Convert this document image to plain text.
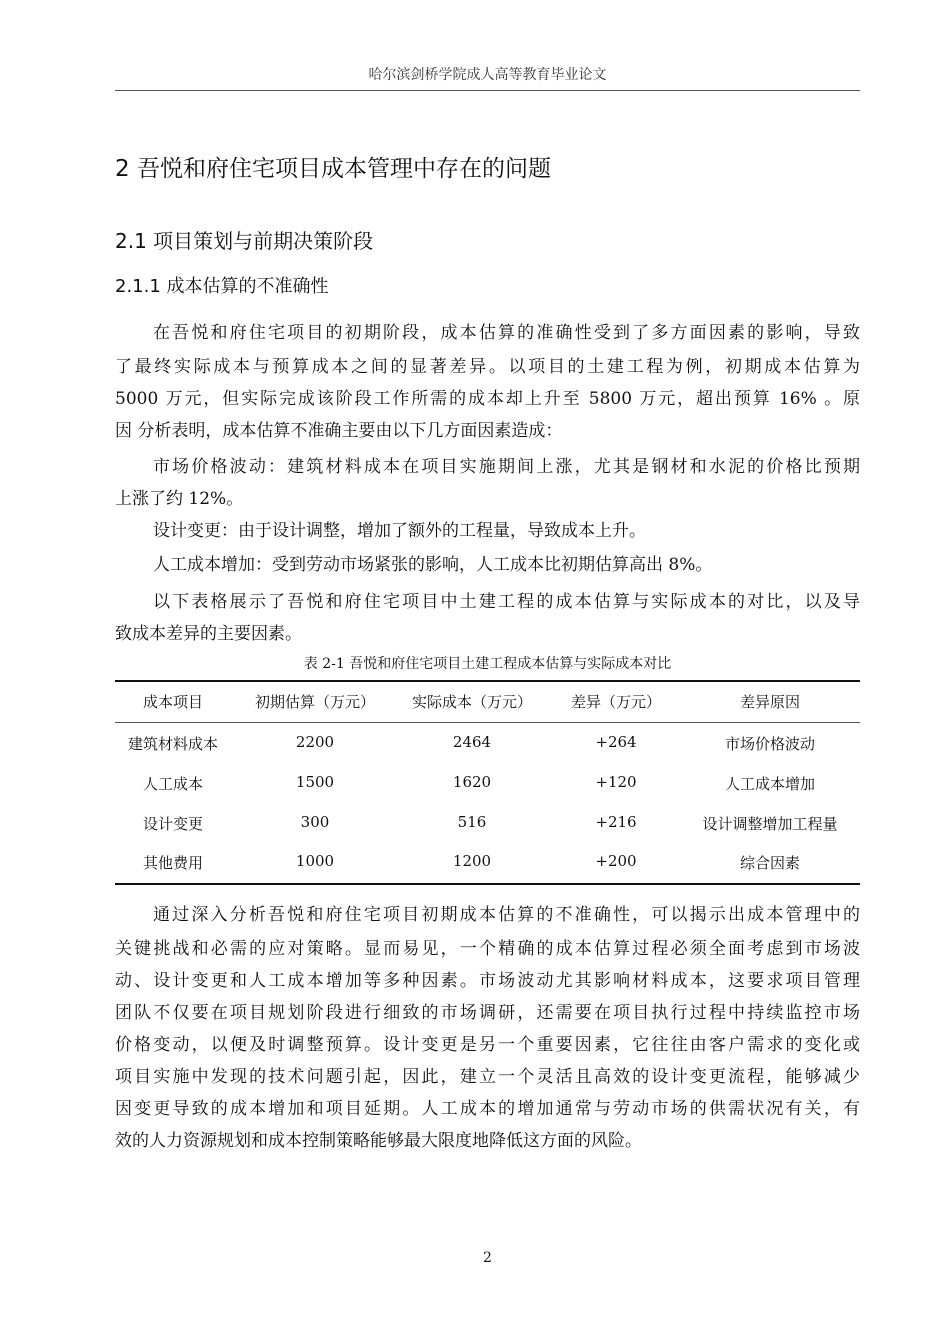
哈尔滨剑桥学院成人高等教育毕业论文
2 吾悦和府住宅项目成本管理中存在的问题
2.1 项目策划与前期决策阶段
2.1.1 成本估算的不准确性
在吾悦和府住宅项目的初期阶段，成本估算的准确性受到了多方面因素的影响，导致
了最终实际成本与预算成本之间的显著差异。以项目的土建工程为例，初期成本估算为
5000 万元，但实际完成该阶段工作所需的成本却上升至 5800 万元，超出预算 16% 。原
因 分析表明，成本估算不准确主要由以下几方面因素造成：
市场价格波动：建筑材料成本在项目实施期间上涨，尤其是钢材和水泥的价格比预期
上涨了约 12%。
设计变更：由于设计调整，增加了额外的工程量，导致成本上升。
人工成本增加：受到劳动市场紧张的影响，人工成本比初期估算高出 8%。
以下表格展示了吾悦和府住宅项目中土建工程的成本估算与实际成本的对比，以及导
致成本差异的主要因素。
表 2-1 吾悦和府住宅项目土建工程成本估算与实际成本对比
成本项目	初期估算（万元）	实际成本（万元）	差异（万元）	差异原因
建筑材料成本	2200	2464	+264	市场价格波动
人工成本	1500	1620	+120	人工成本增加
设计变更	300	516	+216	设计调整增加工程量
其他费用	1000	1200	+200	综合因素
通过深入分析吾悦和府住宅项目初期成本估算的不准确性，可以揭示出成本管理中的
关键挑战和必需的应对策略。显而易见，一个精确的成本估算过程必须全面考虑到市场波
动、设计变更和人工成本增加等多种因素。市场波动尤其影响材料成本，这要求项目管理
团队不仅要在项目规划阶段进行细致的市场调研，还需要在项目执行过程中持续监控市场
价格变动，以便及时调整预算。设计变更是另一个重要因素，它往往由客户需求的变化或
项目实施中发现的技术问题引起，因此，建立一个灵活且高效的设计变更流程，能够减少
因变更导致的成本增加和项目延期。人工成本的增加通常与劳动市场的供需状况有关，有
效的人力资源规划和成本控制策略能够最大限度地降低这方面的风险。
2
